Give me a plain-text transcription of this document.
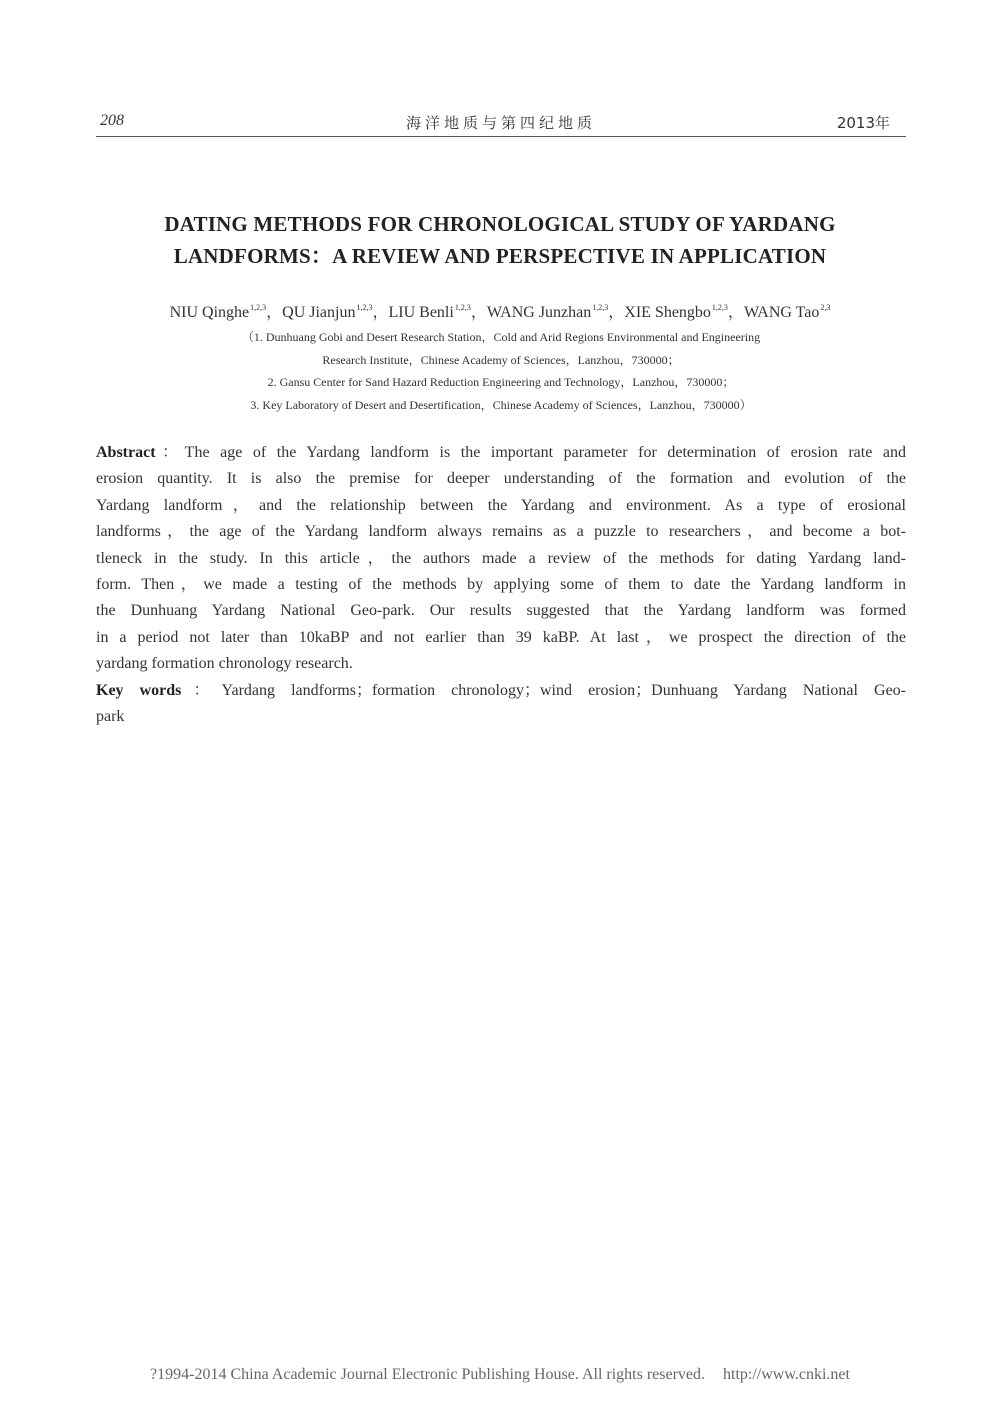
208	海洋地质与第四纪地质	2013年
DATING METHODS FOR CHRONOLOGICAL STUDY OF YARDANG
LANDFORMS：A REVIEW AND PERSPECTIVE IN APPLICATION
NIU Qinghe$^{1,2,3}$，QU Jianjun$^{1,2,3}$，LIU Benli$^{1,2,3}$，WANG Junzhan$^{1,2,3}$，XIE Shengbo$^{1,2,3}$，WANG Tao$^{2,3}$
（1. Dunhuang Gobi and Desert Research Station，Cold and Arid Regions Environmental and Engineering
Research Institute，Chinese Academy of Sciences，Lanzhou，730000；
2. Gansu Center for Sand Hazard Reduction Engineering and Technology，Lanzhou，730000；
3. Key Laboratory of Desert and Desertification，Chinese Academy of Sciences，Lanzhou，730000）
Abstract：The age of the Yardang landform is the important parameter for determination of erosion rate and
erosion quantity. It is also the premise for deeper understanding of the formation and evolution of the
Yardang landform，and the relationship between the Yardang and environment. As a type of erosional
landforms，the age of the Yardang landform always remains as a puzzle to researchers，and become a bot-
tleneck in the study. In this article，the authors made a review of the methods for dating Yardang land-
form. Then，we made a testing of the methods by applying some of them to date the Yardang landform in
the Dunhuang Yardang National Geo-park. Our results suggested that the Yardang landform was formed
in a period not later than 10kaBP and not earlier than 39 kaBP. At last，we prospect the direction of the
yardang formation chronology research.
Key words：Yardang landforms；formation chronology；wind erosion；Dunhuang Yardang National Geo-
park
?1994-2014 China Academic Journal Electronic Publishing House. All rights reserved. http://www.cnki.net
